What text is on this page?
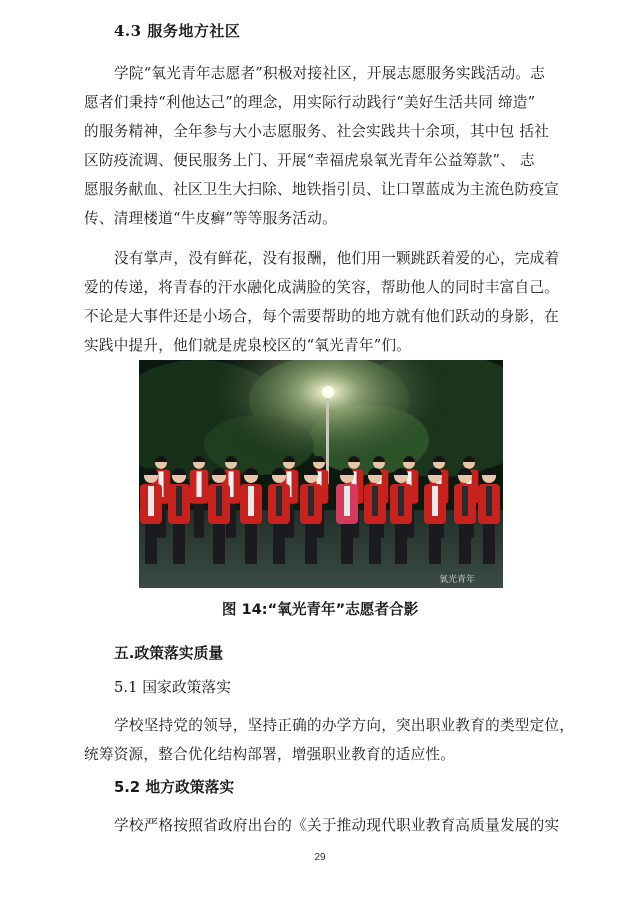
4.3 服务地方社区
学院“氧光青年志愿者”积极对接社区，开展志愿服务实践活动。志
愿者们秉持“利他达己”的理念，用实际行动践行“美好生活共同 缔造”
的服务精神，全年参与大小志愿服务、社会实践共十余项，其中包 括社
区防疫流调、便民服务上门、开展“幸福虎泉氧光青年公益筹款”、 志
愿服务献血、社区卫生大扫除、地铁指引员、让口罩蓝成为主流色防疫宣
传、清理楼道“牛皮癣”等等服务活动。
没有掌声，没有鲜花，没有报酬，他们用一颗跳跃着爱的心，完成着
爱的传递，将青春的汗水融化成满脸的笑容，帮助他人的同时丰富自己。
不论是大事件还是小场合，每个需要帮助的地方就有他们跃动的身影，在
实践中提升，他们就是虎泉校区的“氧光青年”们。
氧光青年
图 14:“氧光青年”志愿者合影
五.政策落实质量
5.1 国家政策落实
学校坚持党的领导，坚持正确的办学方向，突出职业教育的类型定位，
统筹资源，整合优化结构部署，增强职业教育的适应性。
5.2 地方政策落实
学校严格按照省政府出台的《关于推动现代职业教育高质量发展的实
29
